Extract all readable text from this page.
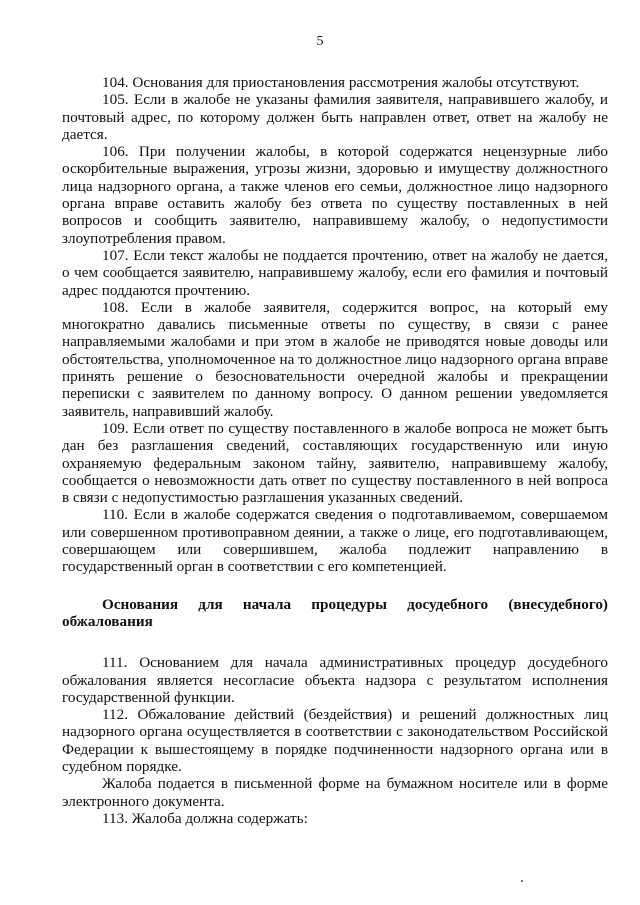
5

104. Основания для приостановления рассмотрения жалобы отсутствуют.

105. Если в жалобе не указаны фамилия заявителя, направившего жалобу, и почтовый адрес, по которому должен быть направлен ответ, ответ на жалобу не дается.

106. При получении жалобы, в которой содержатся нецензурные либо оскорбительные выражения, угрозы жизни, здоровью и имуществу должностного лица надзорного органа, а также членов его семьи, должностное лицо надзорного органа вправе оставить жалобу без ответа по существу поставленных в ней вопросов и сообщить заявителю, направившему жалобу, о недопустимости злоупотребления правом.

107. Если текст жалобы не поддается прочтению, ответ на жалобу не дается, о чем сообщается заявителю, направившему жалобу, если его фамилия и почтовый адрес поддаются прочтению.

108. Если в жалобе заявителя, содержится вопрос, на который ему многократно давались письменные ответы по существу, в связи с ранее направляемыми жалобами и при этом в жалобе не приводятся новые доводы или обстоятельства, уполномоченное на то должностное лицо надзорного органа вправе принять решение о безосновательности очередной жалобы и прекращении переписки с заявителем по данному вопросу. О данном решении уведомляется заявитель, направивший жалобу.

109. Если ответ по существу поставленного в жалобе вопроса не может быть дан без разглашения сведений, составляющих государственную или иную охраняемую федеральным законом тайну, заявителю, направившему жалобу, сообщается о невозможности дать ответ по существу поставленного в ней вопроса в связи с недопустимостью разглашения указанных сведений.

110. Если в жалобе содержатся сведения о подготавливаемом, совершаемом или совершенном противоправном деянии, а также о лице, его подготавливающем, совершающем или совершившем, жалоба подлежит направлению в государственный орган в соответствии с его компетенцией.

Основания для начала процедуры досудебного (внесудебного) обжалования

111. Основанием для начала административных процедур досудебного обжалования является несогласие объекта надзора с результатом исполнения государственной функции.

112. Обжалование действий (бездействия) и решений должностных лиц надзорного органа осуществляется в соответствии с законодательством Российской Федерации к вышестоящему в порядке подчиненности надзорного органа или в судебном порядке.

Жалоба подается в письменной форме на бумажном носителе или в форме электронного документа.

113. Жалоба должна содержать:
